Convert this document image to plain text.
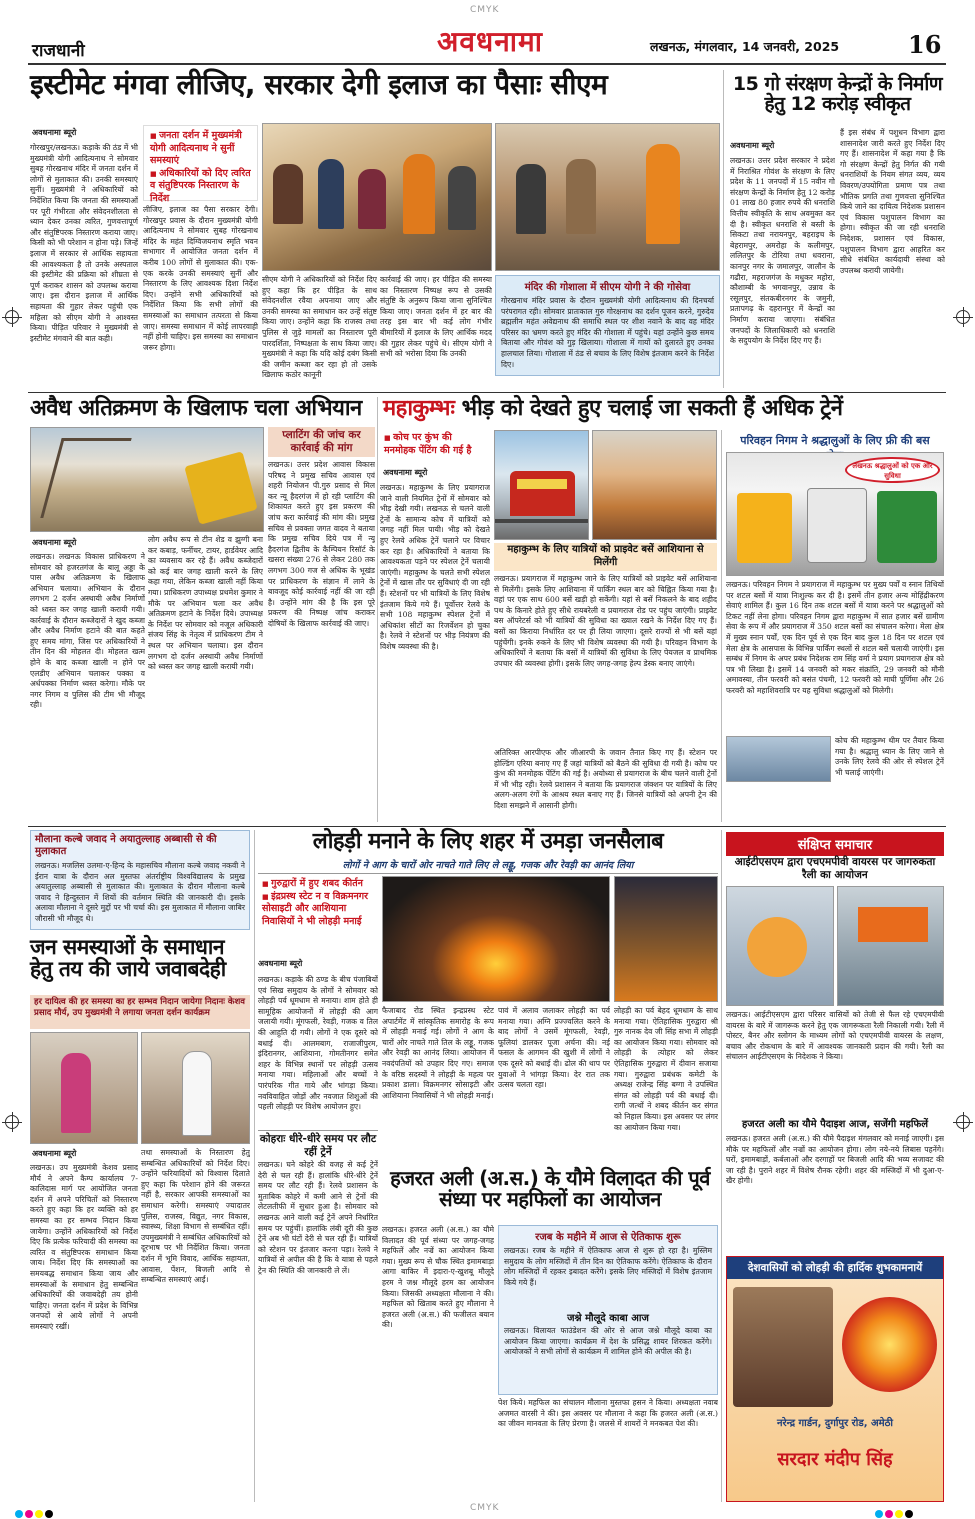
CMYK
CMYK
राजधानी	अवधनामा	लखनऊ, मंगलवार, 14 जनवरी, 2025	16
इस्टीमेट मंगवा लीजिए, सरकार देगी इलाज का पैसाः सीएम
अवधनामा ब्यूरो
गोरखपुर/लखनऊ। कड़ाके की ठंड में भी मुख्यमंत्री योगी आदित्यनाथ ने सोमवार सुबह गोरखनाथ मंदिर में जनता दर्शन में लोगों से मुलाकात की। उनकी समस्याएं सुनीं। मुख्यमंत्री ने अधिकारियों को निर्देशित किया कि जनता की समस्याओं पर पूरी गंभीरता और संवेदनशीलता से ध्यान देकर उनका त्वरित, गुणवत्तापूर्ण और संतुष्टिपरक निस्तारण कराया जाए। किसी को भी परेशान न होना पड़े। जिन्हें इलाज में सरकार से आर्थिक सहायता की आवश्यकता है तो उनके अस्पताल की इस्टीमेट की प्रक्रिया को शीघ्रता से पूर्ण कराकर शासन को उपलब्ध कराया जाए। इस दौरान इलाज में आर्थिक सहायता की गुहार लेकर पहुंची एक महिला को सीएम योगी ने आश्वस्त किया। पीड़ित परिवार ने मुख्यमंत्री से इस्टीमेट मंगवाने की बात कही।
■ जनता दर्शन में मुख्यमंत्री योगी आदित्यनाथ ने सुनीं समस्याएं
■ अधिकारियों को दिए त्वरित व संतुष्टिपरक निस्तारण के निर्देश
लीजिए, इलाज का पैसा सरकार देगी। गोरखपुर प्रवास के दौरान मुख्यमंत्री योगी आदित्यनाथ ने सोमवार सुबह गोरखनाथ मंदिर के महंत दिग्विजयनाथ स्मृति भवन सभागार में आयोजित जनता दर्शन में करीब 100 लोगों से मुलाकात की। एक-एक करके उनकी समस्याएं सुनीं और निस्तारण के लिए आवश्यक दिशा निर्देश दिए। उन्होंने सभी अधिकारियों को निर्देशित किया कि सभी लोगों की समस्याओं का समाधान तत्परता से किया जाए। समस्या समाधान में कोई लापरवाही नहीं होनी चाहिए। इस समस्या का समाधान जरूर होगा।
सीएम योगी ने अधिकारियों को निर्देश दिए हुए कहा कि हर पीड़ित के साथ संवेदनशील रवैया अपनाया जाए और उनकी समस्या का समाधान कर उन्हें संतुष्ट किया जाए। उन्होंने कहा कि राजस्व तथा पुलिस से जुड़े मामलों का निस्तारण पूरी पारदर्शिता, निष्पक्षता के साथ किया जाए। मुख्यमंत्री ने कहा कि यदि कोई दबंग किसी की जमीन कब्जा कर रहा हो तो उसके खिलाफ कठोर कानूनी
कार्रवाई की जाए। हर पीड़ित की समस्या का निस्तारण निष्पक्ष रूप से उसकी संतुष्टि के अनुरूप किया जाना सुनिश्चित किया जाए। जनता दर्शन में हर बार की तरह इस बार भी कई लोग गंभीर बीमारियों में इलाज के लिए आर्थिक मदद की गुहार लेकर पहुंचे थे। सीएम योगी ने सभी को भरोसा दिया कि उनकी
मंदिर की गोशाला में सीएम योगी ने की गोसेवा
गोरखनाथ मंदिर प्रवास के दौरान मुख्यमंत्री योगी आदित्यनाथ की दिनचर्या परंपरागत रही। सोमवार प्रातःकाल गुरु गोरक्षनाथ का दर्शन पूजन करने, गुरुदेव ब्रह्मलीन महंत अवेद्यनाथ की समाधि स्थल पर शीश नवाने के बाद वह मंदिर परिसर का भ्रमण करते हुए मंदिर की गोशाला में पहुंचे। यहां उन्होंने कुछ समय बिताया और गोवंश को गुड़ खिलाया। गोशाला में गायों को दुलारते हुए उनका हालचाल लिया। गोशाला में ठंड से बचाव के लिए विशेष इंतजाम करने के निर्देश दिए।
15 गो संरक्षण केन्द्रों के निर्माण हेतु 12 करोड़ स्वीकृत
अवधनामा ब्यूरो
लखनऊ। उत्तर प्रदेश सरकार ने प्रदेश में निराश्रित गोवंश के संरक्षण के लिए प्रदेश के 11 जनपदों में 15 नवीन गो संरक्षण केन्द्रों के निर्माण हेतु 12 करोड़ 01 लाख 80 हजार रुपये की धनराशि वित्तीय स्वीकृति के साथ अवमुक्त कर दी है। स्वीकृत धनराशि से बस्ती के सिकटा तथा नरायनपुर, बहराइच के बेहरामपुर, अमरोहा के कलीमपुर, ललितपुर के टोरिया तथा धवराना, कानपुर नगर के जमालपुर, जालौन के गढौरा, महराजगंज के मधुकर महोरा, कौशाम्बी के भगवानपुर, उन्नाव के रसूलपुर, संतकबीरनगर के जमुनी, प्रतापगढ़ के दहरानपुर में केन्द्रों का निर्माण कराया जाएगा। संबंधित जनपदों के जिलाधिकारी को धनराशि के सदुपयोग के निर्देश दिए गए हैं।
हैं इस संबंध में पशुधन विभाग द्वारा शासनादेश जारी करते हुए निर्देश दिए गए हैं। शासनादेश में कहा गया है कि गो संरक्षण केन्द्रों हेतु निर्गत की गयी धनराशियों के नियम संगत व्यय, व्यय विवरण/उपयोगिता प्रमाण पत्र तथा भौतिक प्रगति तथा गुणवत्ता सुनिश्चित किये जाने का दायित्व निदेशक प्रशासन एवं विकास पशुपालन विभाग का होगा। स्वीकृत की जा रही धनराशि निदेशक, प्रशासन एवं विकास, पशुपालन विभाग द्वारा आहरित कर सीधे संबंधित कार्यदायी संस्था को उपलब्ध करायी जायेगी।
अवैध अतिक्रमण के खिलाफ चला अभियान
अवधनामा ब्यूरो
लखनऊ। लखनऊ विकास प्राधिकरण ने सोमवार को हजरतगंज के बालू अड्डा के पास अवैध अतिक्रमण के खिलाफ अभियान चलाया। अभियान के दौरान लगभग 2 दर्जन अस्थायी अवैध निर्माणों को ध्वस्त कर जगह खाली करायी गयी। कार्रवाई के दौरान कब्जेदारों ने खुद कब्जा और अवैध निर्माण हटाने की बात कहते हुए समय मांगा, जिस पर अधिकारियों ने तीन दिन की मोहलत दी। मोहलत खत्म होने के बाद कब्जा खाली न होने पर एलडीए अभियान चलाकर पक्का व अर्धपक्का निर्माण ध्वस्त करेगा। मौके पर नगर निगम व पुलिस की टीम भी मौजूद रही।
लोग अवैध रूप से टीन शेड व झुग्गी बना कर कबाड़, फर्नीचर, टायर, हार्डवेयर आदि का व्यवसाय कर रहे हैं। अवैध कब्जेदारों को कई बार जगह खाली करने के लिए कहा गया, लेकिन कब्जा खाली नहीं किया गया। प्राधिकरण उपाध्यक्ष प्रथमेश कुमार ने मौके पर अभियान चला कर अवैध अतिक्रमण हटाने के निर्देश दिये। उपाध्यक्ष के निर्देश पर सोमवार को नजूल अधिकारी संजय सिंह के नेतृत्व में प्राधिकरण टीम ने स्थल पर अभियान चलाया। इस दौरान लगभग दो दर्जन अस्थायी अवैध निर्माणों को ध्वस्त कर जगह खाली करायी गयी।
प्लाटिंग की जांच कर कार्रवाई की मांग
लखनऊ। उत्तर प्रदेश आवास विकास परिषद ने प्रमुख सचिव आवास एवं शहरी नियोजन पी.गुरु प्रसाद से मिल कर न्यू हैदरगंज में हो रही प्लाटिंग की शिकायत करते हुए इस प्रकरण की जांच करा कार्रवाई की मांग की। प्रमुख सचिव से प्रवक्ता जगत वादव ने बताया कि प्रमुख सचिव दिये पत्र में न्यू हैदरगंज द्वितीय के कैम्पियन रिसॉर्ट के खसरा संख्या 276 से लेकर 280 तक लगभग 300 गज से अधिक के भूखंड पर प्राधिकरण के संज्ञान में लाने के बावजूद कोई कार्रवाई नहीं की जा रही है। उन्होंने मांग की है कि इस पूरे प्रकरण की निष्पक्ष जांच कराकर दोषियों के खिलाफ कार्रवाई की जाए।
महाकुम्भः भीड़ को देखते हुए चलाई जा सकती हैं अधिक ट्रेनें
■ कोच पर कुंभ की मनमोहक पेंटिंग की गई है
अवधनामा ब्यूरो
लखनऊ। महाकुम्भ के लिए प्रयागराज जाने वाली नियमित ट्रेनों में सोमवार को भीड़ देखी गयी। लखनऊ से चलने वाली ट्रेनों के सामान्य कोच में यात्रियों को जगह नहीं मिल पायी। भीड़ को देखते हुए रेलवे अधिक ट्रेनें चलाने पर विचार कर रहा है। अधिकारियों ने बताया कि आवश्यकता पड़ने पर स्पेशल ट्रेनें चलायी जाएंगी। महाकुम्भ के चलते सभी स्पेशल ट्रेनों में खास तौर पर सुविधाएं दी जा रही हैं। स्टेशनों पर भी यात्रियों के लिए विशेष इंतजाम किये गये हैं। पूर्वोत्तर रेलवे के सभी 108 महाकुम्भ स्पेशल ट्रेनों में अधिकांश सीटों का रिजर्वेशन हो चुका है। रेलवे ने स्टेशनों पर भीड़ नियंत्रण की विशेष व्यवस्था की है।
महाकुम्भ के लिए यात्रियों को प्राइवेट बसें आशियाना से मिलेंगी
लखनऊ। प्रयागराज में महाकुम्भ जाने के लिए यात्रियों को प्राइवेट बसें आशियाना से मिलेंगी। इसके लिए आशियाना में पार्किंग स्थल बार को चिह्नित किया गया है। वहां पर एक साथ 600 बसें खड़ी हो सकेंगी। यहां से बसें निकलने के बाद शहीद पथ के किनारे होते हुए सीधे रायबरेली व प्रयागराज रोड पर पहुंच जाएंगी। प्राइवेट बस ऑपरेटर्स को भी यात्रियों की सुविधा का ख्याल रखने के निर्देश दिए गए हैं। बसों का किराया निर्धारित दर पर ही लिया जाएगा। दूसरे राज्यों से भी बसें यहां पहुंचेंगी। इनके रुकने के लिए भी विशेष व्यवस्था की गयी है। परिवहन विभाग के अधिकारियों ने बताया कि बसों में यात्रियों की सुविधा के लिए पेयजल व प्राथमिक उपचार की व्यवस्था होगी। इसके लिए जगह-जगह हेल्प डेस्क बनाए जाएंगे।
अतिरिक्त आरपीएफ और जीआरपी के जवान तैनात किए गए हैं। स्टेशन पर होल्डिंग एरिया बनाए गए हैं जहां यात्रियों को बैठने की सुविधा दी गयी है। कोच पर कुंभ की मनमोहक पेंटिंग की गई है। अयोध्या से प्रयागराज के बीच चलने वाली ट्रेनों में भी भीड़ रही। रेलवे प्रशासन ने बताया कि प्रयागराज जंक्शन पर यात्रियों के लिए अलग-अलग रंगों के आश्रय स्थल बनाए गए हैं। जिनसे यात्रियों को अपनी ट्रेन की दिशा समझने में आसानी होगी।
परिवहन निगम ने श्रद्धालुओं के लिए फ्री की बस
लखनऊ श्रद्धालुओं को एक और सुविधा
लखनऊ। परिवहन निगम ने प्रयागराज में महाकुम्भ पर मुख्य पर्वों व स्नान तिथियों पर शटल बसों में यात्रा निःशुल्क कर दी है। इसमें तीन हजार अन्य मोहिंद्रीकरण सेवाएं शामिल हैं। कुल 16 दिन तक शटल बसों में यात्रा करने पर श्रद्धालुओं को टिकट नहीं लेना होगा। परिवहन निगम द्वारा महाकुम्भ में सात हजार बसें ग्रामीण सेवा के रूप में और प्रयागराज में 350 शटल बसों का संचालन करेगा। मेला क्षेत्र में मुख्य स्नान पर्वों, एक दिन पूर्व से एक दिन बाद कुल 18 दिन पर शटल एवं मेला क्षेत्र के आसपास के विभिन्न पार्किंग स्थलों से शटल बसें चलायी जाएंगी। इस सम्बंध में निगम के अपर प्रबंध निदेशक राम सिंह वर्मा ने प्रयाग प्रयागराज क्षेत्र को पत्र भी लिखा है। इसमें 14 जनवरी को मकर संक्रांति, 29 जनवरी को मौनी अमावस्या, तीन फरवरी को बसंत पंचमी, 12 फरवरी को माघी पूर्णिमा और 26 फरवरी को महाशिवरात्रि पर यह सुविधा श्रद्धालुओं को मिलेगी।
कोच की महाकुम्भ थीम पर तैयार किया गया है। श्रद्धालु ध्यान के लिए जाने से उनके लिए रेलवे की ओर से स्पेशल ट्रेनें भी चलाई जाएंगी।
मौलाना कल्बे जवाद ने अयातुल्लाह अब्बासी से की मुलाकात
लखनऊ। मजलिस उलमा-ए-हिन्द के महासचिव मौलाना कल्बे जवाद नकवी ने ईरान यात्रा के दौरान अल मुस्तफा अंतर्राष्ट्रीय विश्वविद्यालय के प्रमुख अयातुल्लाह अब्बासी से मुलाकात की। मुलाकात के दौरान मौलाना कल्बे जवाद ने हिन्दुस्तान में शियों की वर्तमान स्थिति की जानकारी दी। इसके अलावा मौलाना ने दूसरे मुद्दों पर भी चर्चा की। इस मुलाकात में मौलाना जाबिर जौरासी भी मौजूद थे।
जन समस्याओं के समाधान हेतु तय की जाये जवाबदेही
हर दायित्व की हर समस्या का हर सम्भव निदान जायेगा निदानः केशव प्रसाद मौर्य, उप मुख्यमंत्री ने लगाया जनता दर्शन कार्यक्रम
अवधनामा ब्यूरो
लखनऊ। उप मुख्यमंत्री केशव प्रसाद मौर्य ने अपने कैम्प कार्यालय 7- कालिदास मार्ग पर आयोजित जनता दर्शन में अपने परिचितों को निस्तारण करते हुए कहा कि हर व्यक्ति को हर समस्या का हर सम्भव निदान किया जायेगा। उन्होंने अधिकारियों को निर्देश दिए कि प्रत्येक फरियादी की समस्या का त्वरित व संतुष्टिपरक समाधान किया जाय। निर्देश दिए कि समस्याओं का समयबद्ध समाधान किया जाय और समस्याओं के समाधान हेतु सम्बन्धित अधिकारियों की जवाबदेही तय होनी चाहिए। जनता दर्शन में प्रदेश के विभिन्न जनपदों से आये लोगों ने अपनी समस्याएं रखीं।
तथा समस्याओं के निस्तारण हेतु सम्बन्धित अधिकारियों को निर्देश दिए। उन्होंने फरियादियों को विश्वास दिलाते हुए कहा कि परेशान होने की जरूरत नहीं है, सरकार आपकी समस्याओं का समाधान करेगी। समस्याएं ज्यादातर पुलिस, राजस्व, विद्युत, नगर विकास, स्वास्थ्य, शिक्षा विभाग से सम्बंधित रहीं। उपमुख्यमंत्री ने सम्बंधित अधिकारियों को दूरभाष पर भी निर्देशित किया। जनता दर्शन में भूमि विवाद, आर्थिक सहायता, आवास, पेंशन, बिजली आदि से सम्बन्धित समस्याएं आईं।
लोहड़ी मनाने के लिए शहर में उमड़ा जनसैलाब
लोगों ने आग के चारों ओर नाचते गाते लिए ले लड्डू, गजक और रेवड़ी का आनंद लिया
■ गुरुद्वारों में हुए शबद कीर्तन
■ इंद्रप्रस्थ स्टेट न व विक्रमनगर सोसाइटी और आशियाना निवासियों ने भी लोहड़ी मनाई
अवधनामा ब्यूरो
लखनऊ। कड़ाके की ठण्ड के बीच पंजाबियों एवं सिख समुदाय के लोगों ने सोमवार को लोहड़ी पर्व धूमधाम से मनाया। शाम होते ही सामूहिक आयोजनों में लोहड़ी की आग जलायी गयी। मूंगफली, रेवड़ी, गजक व तिल की आहुति दी गयी। लोगों ने एक दूसरे को बधाई दी। आलमबाग, राजाजीपुरम, इंदिरानगर, आशियाना, गोमतीनगर समेत शहर के विभिन्न स्थानों पर लोहड़ी उत्सव मनाया गया। महिलाओं और बच्चों ने पारंपरिक गीत गाये और भांगड़ा किया। नवविवाहित जोड़ों और नवजात शिशुओं की पहली लोहड़ी पर विशेष आयोजन हुए।
फैजाबाद रोड स्थित इन्द्रप्रस्थ स्टेट अपार्टमेंट में सांस्कृतिक समारोह के रूप में लोहड़ी मनाई गई। लोगों ने आग के चारों ओर नाचते गाते तिल के लड्डू, गजक और रेवड़ी का आनंद लिया। आयोजन में नवदंपतियों को उपहार दिए गए। समाज के वरिष्ठ सदस्यों ने लोहड़ी के महत्व पर प्रकाश डाला। विक्रमनगर सोसाइटी और आशियाना निवासियों ने भी लोहड़ी मनाई।
पावं में अलाव जलाकर लोहड़ी का पर्व मनाया गया। अग्नि प्रज्ज्वलित करने के बाद लोगों ने उसमें मूंगफली, रेवड़ी, फूलियां डालकर पूजा अर्चना की। नई फसल के आगमन की खुशी में लोगों ने एक दूसरे को बधाई दी। ढोल की थाप पर युवाओं ने भांगड़ा किया। देर रात तक उत्सव चलता रहा।
लोहड़ी का पर्व बेहद धूमधाम के साथ मनाया गया। ऐतिहासिक गुरुद्वारा श्री गुरु नानक देव जी सिंह सभा में लोहड़ी का आयोजन किया गया। सोमवार को लोहड़ी के त्योहार को लेकर ऐतिहासिक गुरुद्वारा में दीवान सजाया गया। गुरुद्वारा प्रबंधक कमेटी के अध्यक्ष राजेन्द्र सिंह बग्गा ने उपस्थित संगत को लोहड़ी पर्व की बधाई दी। रागी जत्थों ने शबद कीर्तन कर संगत को निहाल किया। इस अवसर पर लंगर का आयोजन किया गया।
कोहराः धीरे-धीरे समय पर लौट रहीं ट्रेनें
लखनऊ। घने कोहरे की वजह से कई ट्रेनें देरी से चल रही हैं। हालांकि धीरे-धीरे ट्रेनें समय पर लौट रही हैं। रेलवे प्रशासन के मुताबिक कोहरे में कमी आने से ट्रेनों की लेटलतीफी में सुधार हुआ है। सोमवार को लखनऊ आने वाली कई ट्रेनें अपने निर्धारित समय पर पहुंचीं। हालांकि लंबी दूरी की कुछ ट्रेनें अब भी घंटों देरी से चल रही हैं। यात्रियों को स्टेशन पर इंतजार करना पड़ा। रेलवे ने यात्रियों से अपील की है कि वे यात्रा से पहले ट्रेन की स्थिति की जानकारी ले लें।
हजरत अली (अ.स.) के यौमे विलादत की पूर्व संध्या पर महफिलों का आयोजन
लखनऊ। हजरत अली (अ.स.) का यौमे विलादत की पूर्व संध्या पर जगह-जगह महफिलें और नज्रें का आयोजन किया गया। मुख्य रूप से चौक स्थित इमामबाड़ा आगा बाकिर में इदारा-ए-खुशबू मौलूदे हरम ने जश्न मौलूदे हरम का आयोजन किया। जिसकी अध्यक्षता मौलाना ने की। महफिल को खिताब करते हुए मौलाना ने हजरत अली (अ.स.) की फजीलत बयान की।
रजब के महीने में आज से ऐतिकाफ शुरू
लखनऊ। रजब के महीने में ऐतिकाफ आज से शुरू हो रहा है। मुस्लिम समुदाय के लोग मस्जिदों में तीन दिन का ऐतिकाफ करेंगे। ऐतिकाफ के दौरान लोग मस्जिदों में रहकर इबादत करेंगे। इसके लिए मस्जिदों में विशेष इंतजाम किये गये हैं।
जश्ने मौलूदे काबा आज
लखनऊ। विलायत फाउंडेशन की ओर से आज जश्ने मौलूदे काबा का आयोजन किया जाएगा। कार्यक्रम में देश के प्रसिद्ध शायर शिरकत करेंगे। आयोजकों ने सभी लोगों से कार्यक्रम में शामिल होने की अपील की है।
पेश किये। महफिल का संचालन मौलाना मुस्तफा हसन ने किया। अध्यक्षता नवाब अजमत वारसी ने की। इस अवसर पर मौलाना ने कहा कि हजरत अली (अ.स.) का जीवन मानवता के लिए प्रेरणा है। जलसे में शायरों ने मनकबत पेश की।
संक्षिप्त समाचार
आईटीएसएम द्वारा एचएमपीवी वायरस पर जागरुकता रैली का आयोजन
लखनऊ। आईटीएसएम द्वारा परिसर वासियों को तेजी से फैल रहे एचएमपीवी वायरस के बारे में जागरूक करने हेतु एक जागरूकता रैली निकाली गयी। रैली में पोस्टर, बैनर और स्लोगन के माध्यम लोगों को एचएमपीवी वायरस के लक्षण, बचाव और रोकथाम के बारे में आवश्यक जानकारी प्रदान की गयी। रैली का संचालन आईटीएसएम के निदेशक ने किया।
हजरत अली का यौमे पैदाइश आज, सजेंगी महफिलें
लखनऊ। हजरत अली (अ.स.) की यौमे पैदाइश मंगलवार को मनाई जाएगी। इस मौके पर महफिलों और नज्रों का आयोजन होगा। लोग नये-नये लिबास पहनेंगे। घरों, इमामबाड़ों, कर्बलाओं और दरगाहों पर बिजली आदि की भव्य सजावट की जा रही है। पुराने शहर में विशेष रौनक रहेगी। शहर की मस्जिदों में भी दुआ-ए-खैर होगी।
देशवासियों को लोहड़ी की हार्दिक शुभकामनायें
नरेन्द्र गार्डन, दुर्गापुर रोड, अमेठी
सरदार मंदीप सिंह
